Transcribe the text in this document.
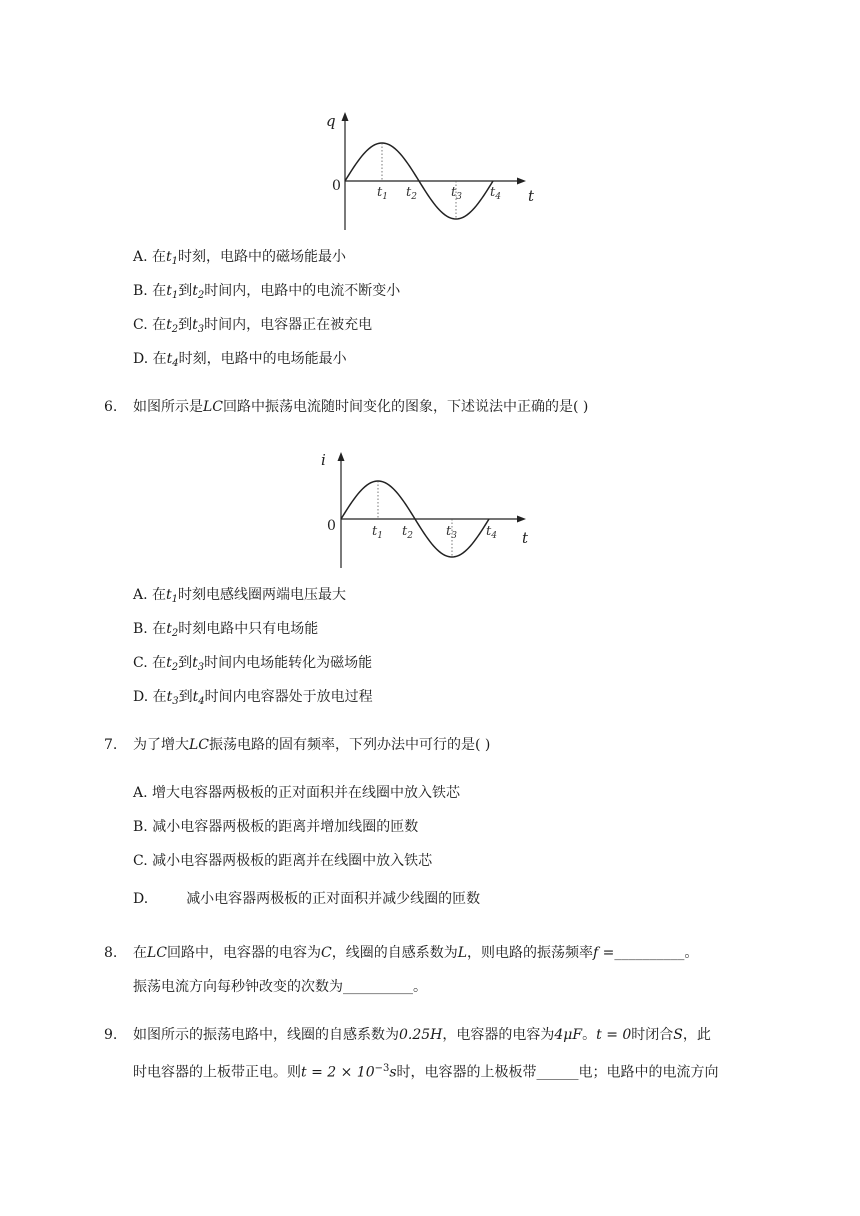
q
0
t
$t_1$ $t_2$	$t_3$ $t_4$
A. 在$t_1$时刻，电路中的磁场能最小
B. 在$t_1$到$t_2$时间内，电路中的电流不断变小
C. 在$t_2$到$t_3$时间内，电容器正在被充电
D. 在$t_4$时刻，电路中的电场能最小
6. 如图所示是LC回路中振荡电流随时间变化的图象，下述说法中正确的是( )
i
0
t
$t_1$ $t_2$	$t_3$ $t_4$
A. 在$t_1$时刻电感线圈两端电压最大
B. 在$t_2$时刻电路中只有电场能
C. 在$t_2$到$t_3$时间内电场能转化为磁场能
D. 在$t_3$到$t_4$时间内电容器处于放电过程
7. 为了增大LC振荡电路的固有频率，下列办法中可行的是( )
A. 增大电容器两极板的正对面积并在线圈中放入铁芯
B. 减小电容器两极板的距离并增加线圈的匝数
C. 减小电容器两极板的距离并在线圈中放入铁芯
D.	减小电容器两极板的正对面积并减少线圈的匝数
8. 在LC回路中，电容器的电容为C，线圈的自感系数为L，则电路的振荡频率f =__________。
振荡电流方向每秒钟改变的次数为__________。
9. 如图所示的振荡电路中，线圈的自感系数为0.25H，电容器的电容为4μF。t = 0时闭合S，此
时电容器的上板带正电。则$t = 2 \times 10^{-3}s$时，电容器的上极板带______电；电路中的电流方向
